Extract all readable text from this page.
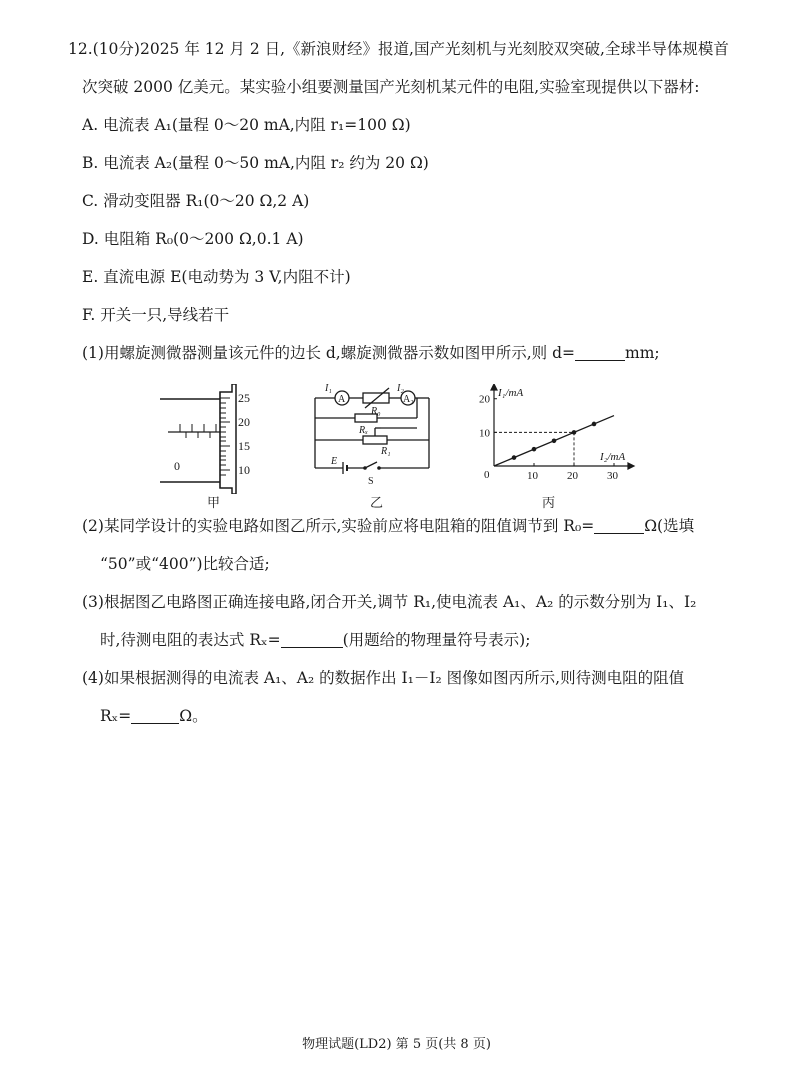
12.(10分)2025 年 12 月 2 日,《新浪财经》报道,国产光刻机与光刻胶双突破,全球半导体规模首
次突破 2000 亿美元。某实验小组要测量国产光刻机某元件的电阻,实验室现提供以下器材:
A. 电流表 A₁(量程 0～20 mA,内阻 r₁=100 Ω)
B. 电流表 A₂(量程 0～50 mA,内阻 r₂ 约为 20 Ω)
C. 滑动变阻器 R₁(0～20 Ω,2 A)
D. 电阻箱 R₀(0～200 Ω,0.1 A)
E. 直流电源 E(电动势为 3 V,内阻不计)
F. 开关一只,导线若干
(1)用螺旋测微器测量该元件的边长 d,螺旋测微器示数如图甲所示,则 d=	mm;
0
25
20
15
10
甲
A	A₂
I₁	I₂
R₀
Rₓ
R₁
E
S
乙
10	20	30
10
20
I₁/mA
I₂/mA
0
丙
(2)某同学设计的实验电路如图乙所示,实验前应将电阻箱的阻值调节到 R₀=	Ω(选填
“50”或“400”)比较合适;
(3)根据图乙电路图正确连接电路,闭合开关,调节 R₁,使电流表 A₁、A₂ 的示数分别为 I₁、I₂
时,待测电阻的表达式 Rₓ=	(用题给的物理量符号表示);
(4)如果根据测得的电流表 A₁、A₂ 的数据作出 I₁－I₂ 图像如图丙所示,则待测电阻的阻值
Rₓ=	Ω。
物理试题(LD2) 第 5 页(共 8 页)
